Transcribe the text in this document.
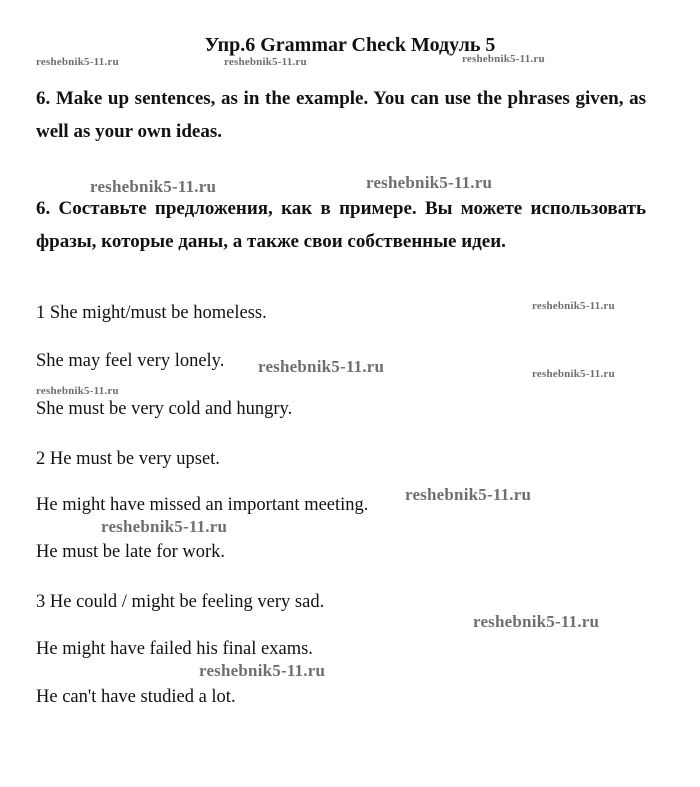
Упр.6 Grammar Check Модуль 5
6. Make up sentences, as in the example. You can use the phrases given, as well as your own ideas.
6. Составьте предложения, как в примере. Вы можете использовать фразы, которые даны, а также свои собственные идеи.
1 She might/must be homeless.
She may feel very lonely.
She must be very cold and hungry.
2 He must be very upset.
He might have missed an important meeting.
He must be late for work.
3 He could / might be feeling very sad.
He might have failed his final exams.
He can't have studied a lot.
reshebnik5-11.ru	reshebnik5-11.ru	reshebnik5-11.ru
reshebnik5-11.ru	reshebnik5-11.ru
reshebnik5-11.ru
reshebnik5-11.ru	reshebnik5-11.ru
reshebnik5-11.ru
reshebnik5-11.ru
reshebnik5-11.ru
reshebnik5-11.ru
reshebnik5-11.ru
